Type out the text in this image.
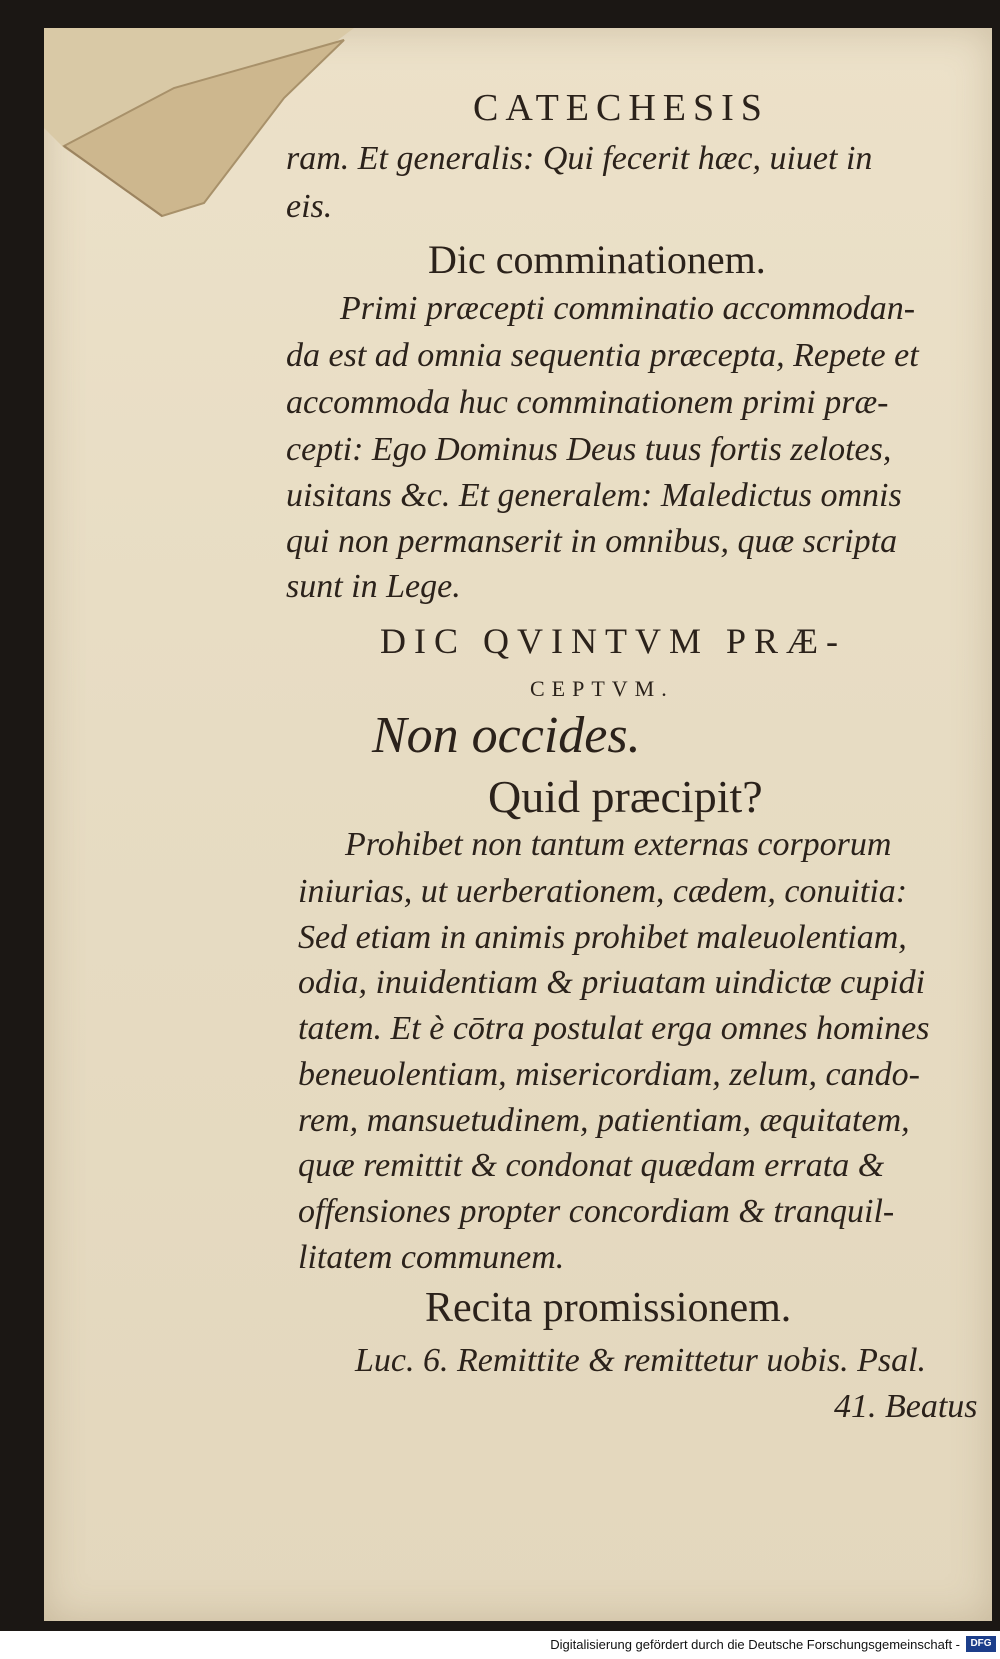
CATECHESIS
ram. Et generalis: Qui fecerit hæc, uiuet in
eis.
Dic comminationem.
Primi præcepti comminatio accommodan-
da est ad omnia sequentia præcepta, Repete et
accommoda huc comminationem primi præ-
cepti: Ego Dominus Deus tuus fortis zelotes,
uisitans &c. Et generalem: Maledictus omnis
qui non permanserit in omnibus, quæ scripta
sunt in Lege.
DIC QVINTVM PRÆ-
CEPTVM.
Non occides.
Quid præcipit?
Prohibet non tantum externas corporum
iniurias, ut uerberationem, cædem, conuitia:
Sed etiam in animis prohibet maleuolentiam,
odia, inuidentiam & priuatam uindictæ cupidi
tatem. Et è cōtra postulat erga omnes homines
beneuolentiam, misericordiam, zelum, cando-
rem, mansuetudinem, patientiam, æquitatem,
quæ remittit & condonat quædam errata &
offensiones propter concordiam & tranquil-
litatem communem.
Recita promissionem.
Luc. 6. Remittite & remittetur uobis. Psal.
41. Beatus
Digitalisierung gefördert durch die Deutsche Forschungsgemeinschaft -	DFG
